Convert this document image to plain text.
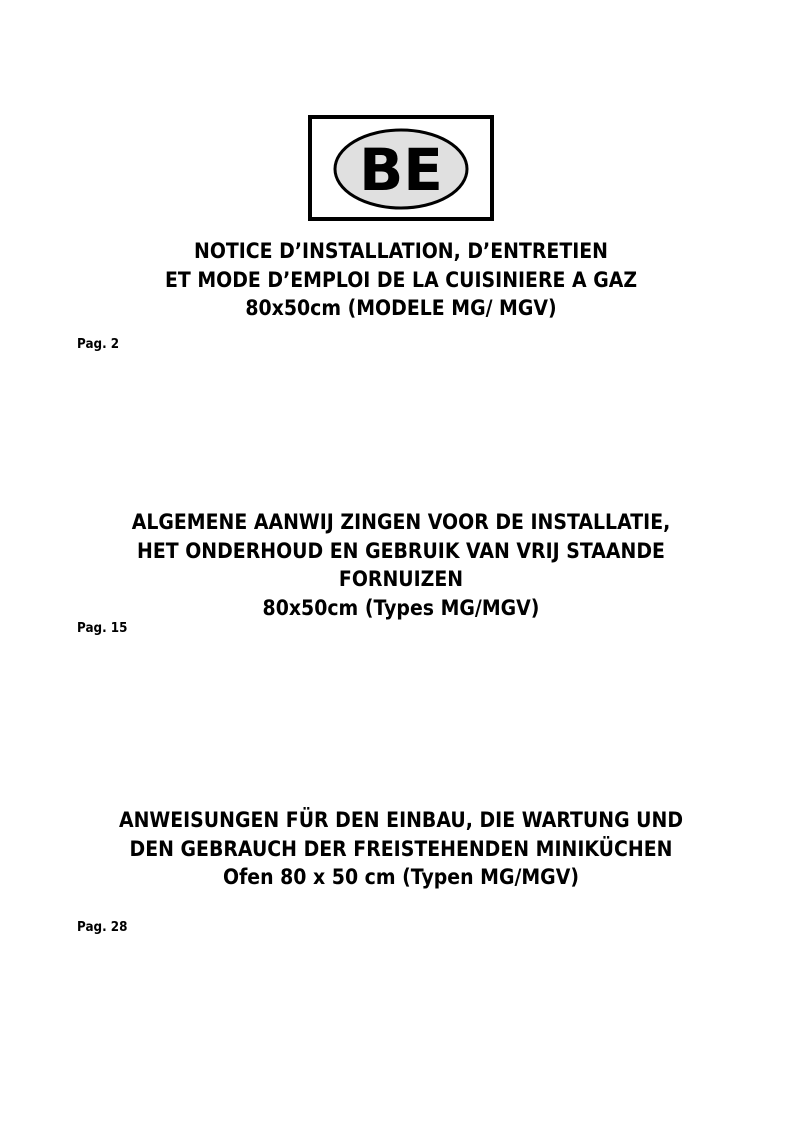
BE
NOTICE D’INSTALLATION, D’ENTRETIEN
ET MODE D’EMPLOI DE LA CUISINIERE A GAZ
80x50cm (MODELE MG/ MGV)
Pag. 2
ALGEMENE AANWIJ ZINGEN VOOR DE INSTALLATIE,
HET ONDERHOUD EN GEBRUIK VAN VRIJ STAANDE
FORNUIZEN
80x50cm (Types MG/MGV)
Pag. 15
ANWEISUNGEN FÜR DEN EINBAU, DIE WARTUNG UND
DEN GEBRAUCH DER FREISTEHENDEN MINIKÜCHEN
Ofen 80 x 50 cm (Typen MG/MGV)
Pag. 28
